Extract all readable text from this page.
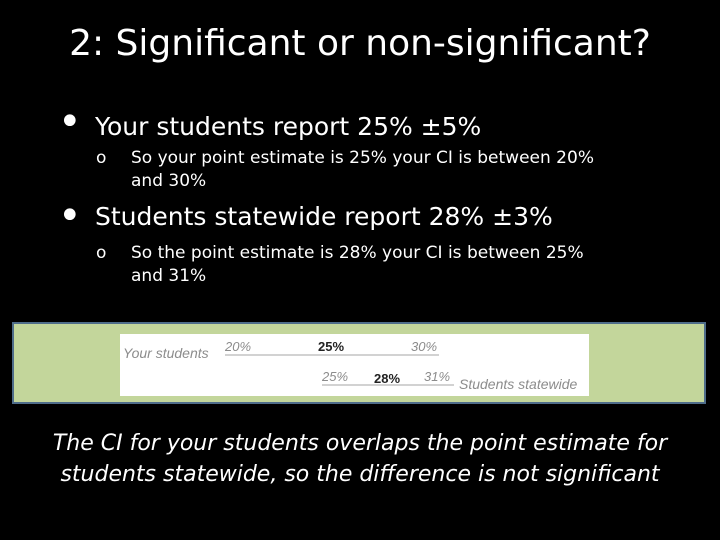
2: Significant or non-significant?
• Your students report 25% ±5%
o So your point estimate is 25% your CI is between 20%
and 30%
• Students statewide report 28% ±3%
o So the point estimate is 28% your CI is between 25%
and 31%
Your students 20%	25%	30%
25% 28% 31% Students statewide
The CI for your students overlaps the point estimate for
students statewide, so the difference is not significant
